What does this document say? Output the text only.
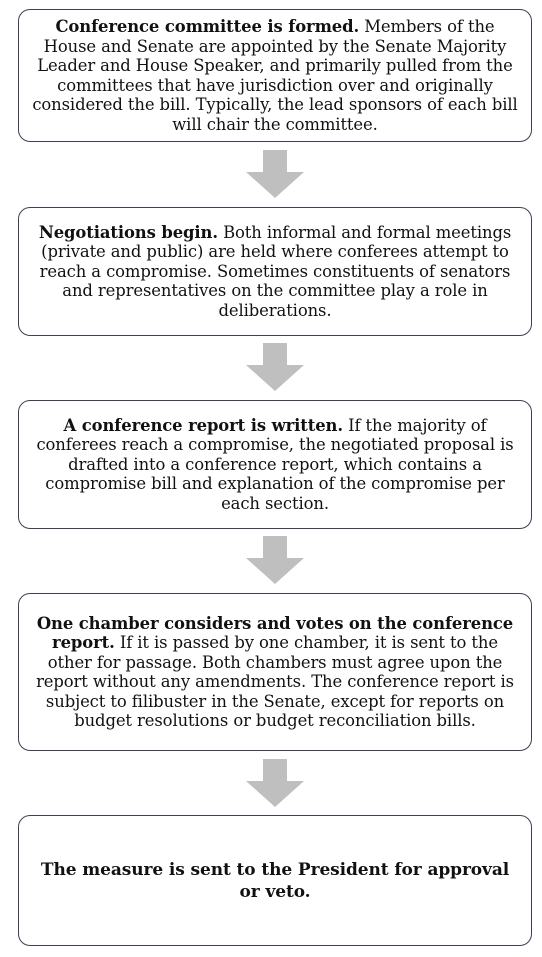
Conference committee is formed. Members of the House and Senate are appointed by the Senate Majority Leader and House Speaker, and primarily pulled from the committees that have jurisdiction over and originally considered the bill. Typically, the lead sponsors of each bill will chair the committee.

Negotiations begin. Both informal and formal meetings (private and public) are held where conferees attempt to reach a compromise. Sometimes constituents of senators and representatives on the committee play a role in deliberations.

A conference report is written. If the majority of conferees reach a compromise, the negotiated proposal is drafted into a conference report, which contains a compromise bill and explanation of the compromise per each section.

One chamber considers and votes on the conference report. If it is passed by one chamber, it is sent to the other for passage. Both chambers must agree upon the report without any amendments. The conference report is subject to filibuster in the Senate, except for reports on budget resolutions or budget reconciliation bills.

The measure is sent to the President for approval or veto.
